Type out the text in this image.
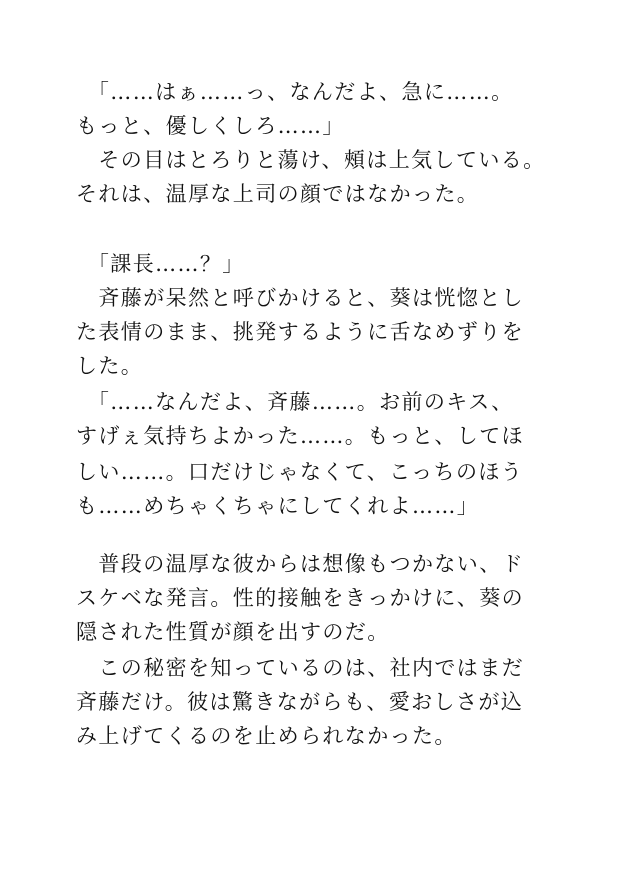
　「……はぁ……っ、なんだよ、急に……。
もっと、優しくしろ……」
　その目はとろりと蕩け、頰は上気している。
それは、温厚な上司の顔ではなかった。
　「課長……？」
　斉藤が呆然と呼びかけると、葵は恍惚とし
た表情のまま、挑発するように舌なめずりを
した。
　「……なんだよ、斉藤……。お前のキス、
すげぇ気持ちよかった……。もっと、してほ
しい……。口だけじゃなくて、こっちのほう
も……めちゃくちゃにしてくれよ……」
　普段の温厚な彼からは想像もつかない、ド
スケベな発言。性的接触をきっかけに、葵の
隠された性質が顔を出すのだ。
　この秘密を知っているのは、社内ではまだ
斉藤だけ。彼は驚きながらも、愛おしさが込
み上げてくるのを止められなかった。
